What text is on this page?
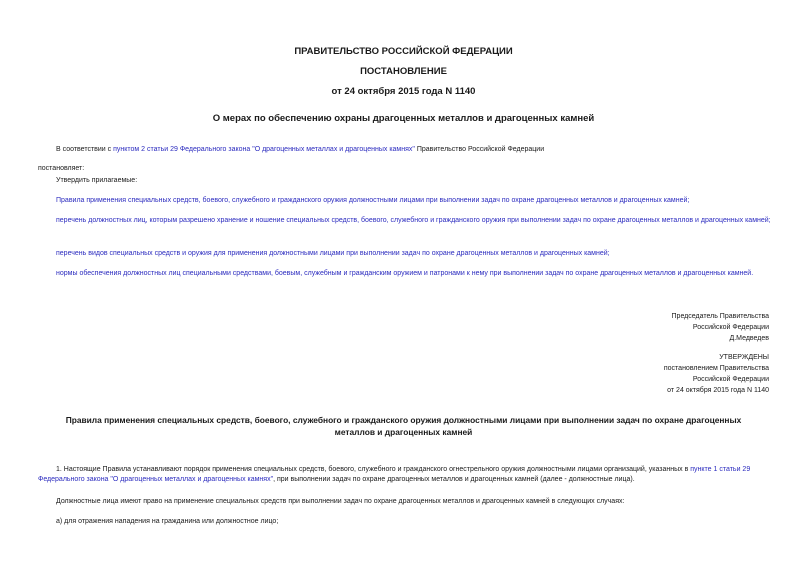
ПРАВИТЕЛЬСТВО РОССИЙСКОЙ ФЕДЕРАЦИИ
ПОСТАНОВЛЕНИЕ
от 24 октября 2015 года N 1140
О мерах по обеспечению охраны драгоценных металлов и драгоценных камней
В соответствии с пунктом 2 статьи 29 Федерального закона "О драгоценных металлах и драгоценных камнях" Правительство Российской Федерации
постановляет:
Утвердить прилагаемые:
Правила применения специальных средств, боевого, служебного и гражданского оружия должностными лицами при выполнении задач по охране драгоценных металлов и драгоценных камней;
перечень должностных лиц, которым разрешено хранение и ношение специальных средств, боевого, служебного и гражданского оружия при выполнении задач по охране драгоценных металлов и драгоценных камней;
перечень видов специальных средств и оружия для применения должностными лицами при выполнении задач по охране драгоценных металлов и драгоценных камней;
нормы обеспечения должностных лиц специальными средствами, боевым, служебным и гражданским оружием и патронами к нему при выполнении задач по охране драгоценных металлов и драгоценных камней.
Председатель Правительства
Российской Федерации
Д.Медведев
УТВЕРЖДЕНЫ
постановлением Правительства
Российской Федерации
от 24 октября 2015 года N 1140
Правила применения специальных средств, боевого, служебного и гражданского оружия должностными лицами при выполнении задач по охране драгоценных
металлов и драгоценных камней
1. Настоящие Правила устанавливают порядок применения специальных средств, боевого, служебного и гражданского огнестрельного оружия должностными лицами организаций, указанных в пункте 1 статьи 29 Федерального закона "О драгоценных металлах и драгоценных камнях", при выполнении задач по охране драгоценных металлов и драгоценных камней (далее - должностные лица).
Должностные лица имеют право на применение специальных средств при выполнении задач по охране драгоценных металлов и драгоценных камней в следующих случаях:
а) для отражения нападения на гражданина или должностное лицо;
